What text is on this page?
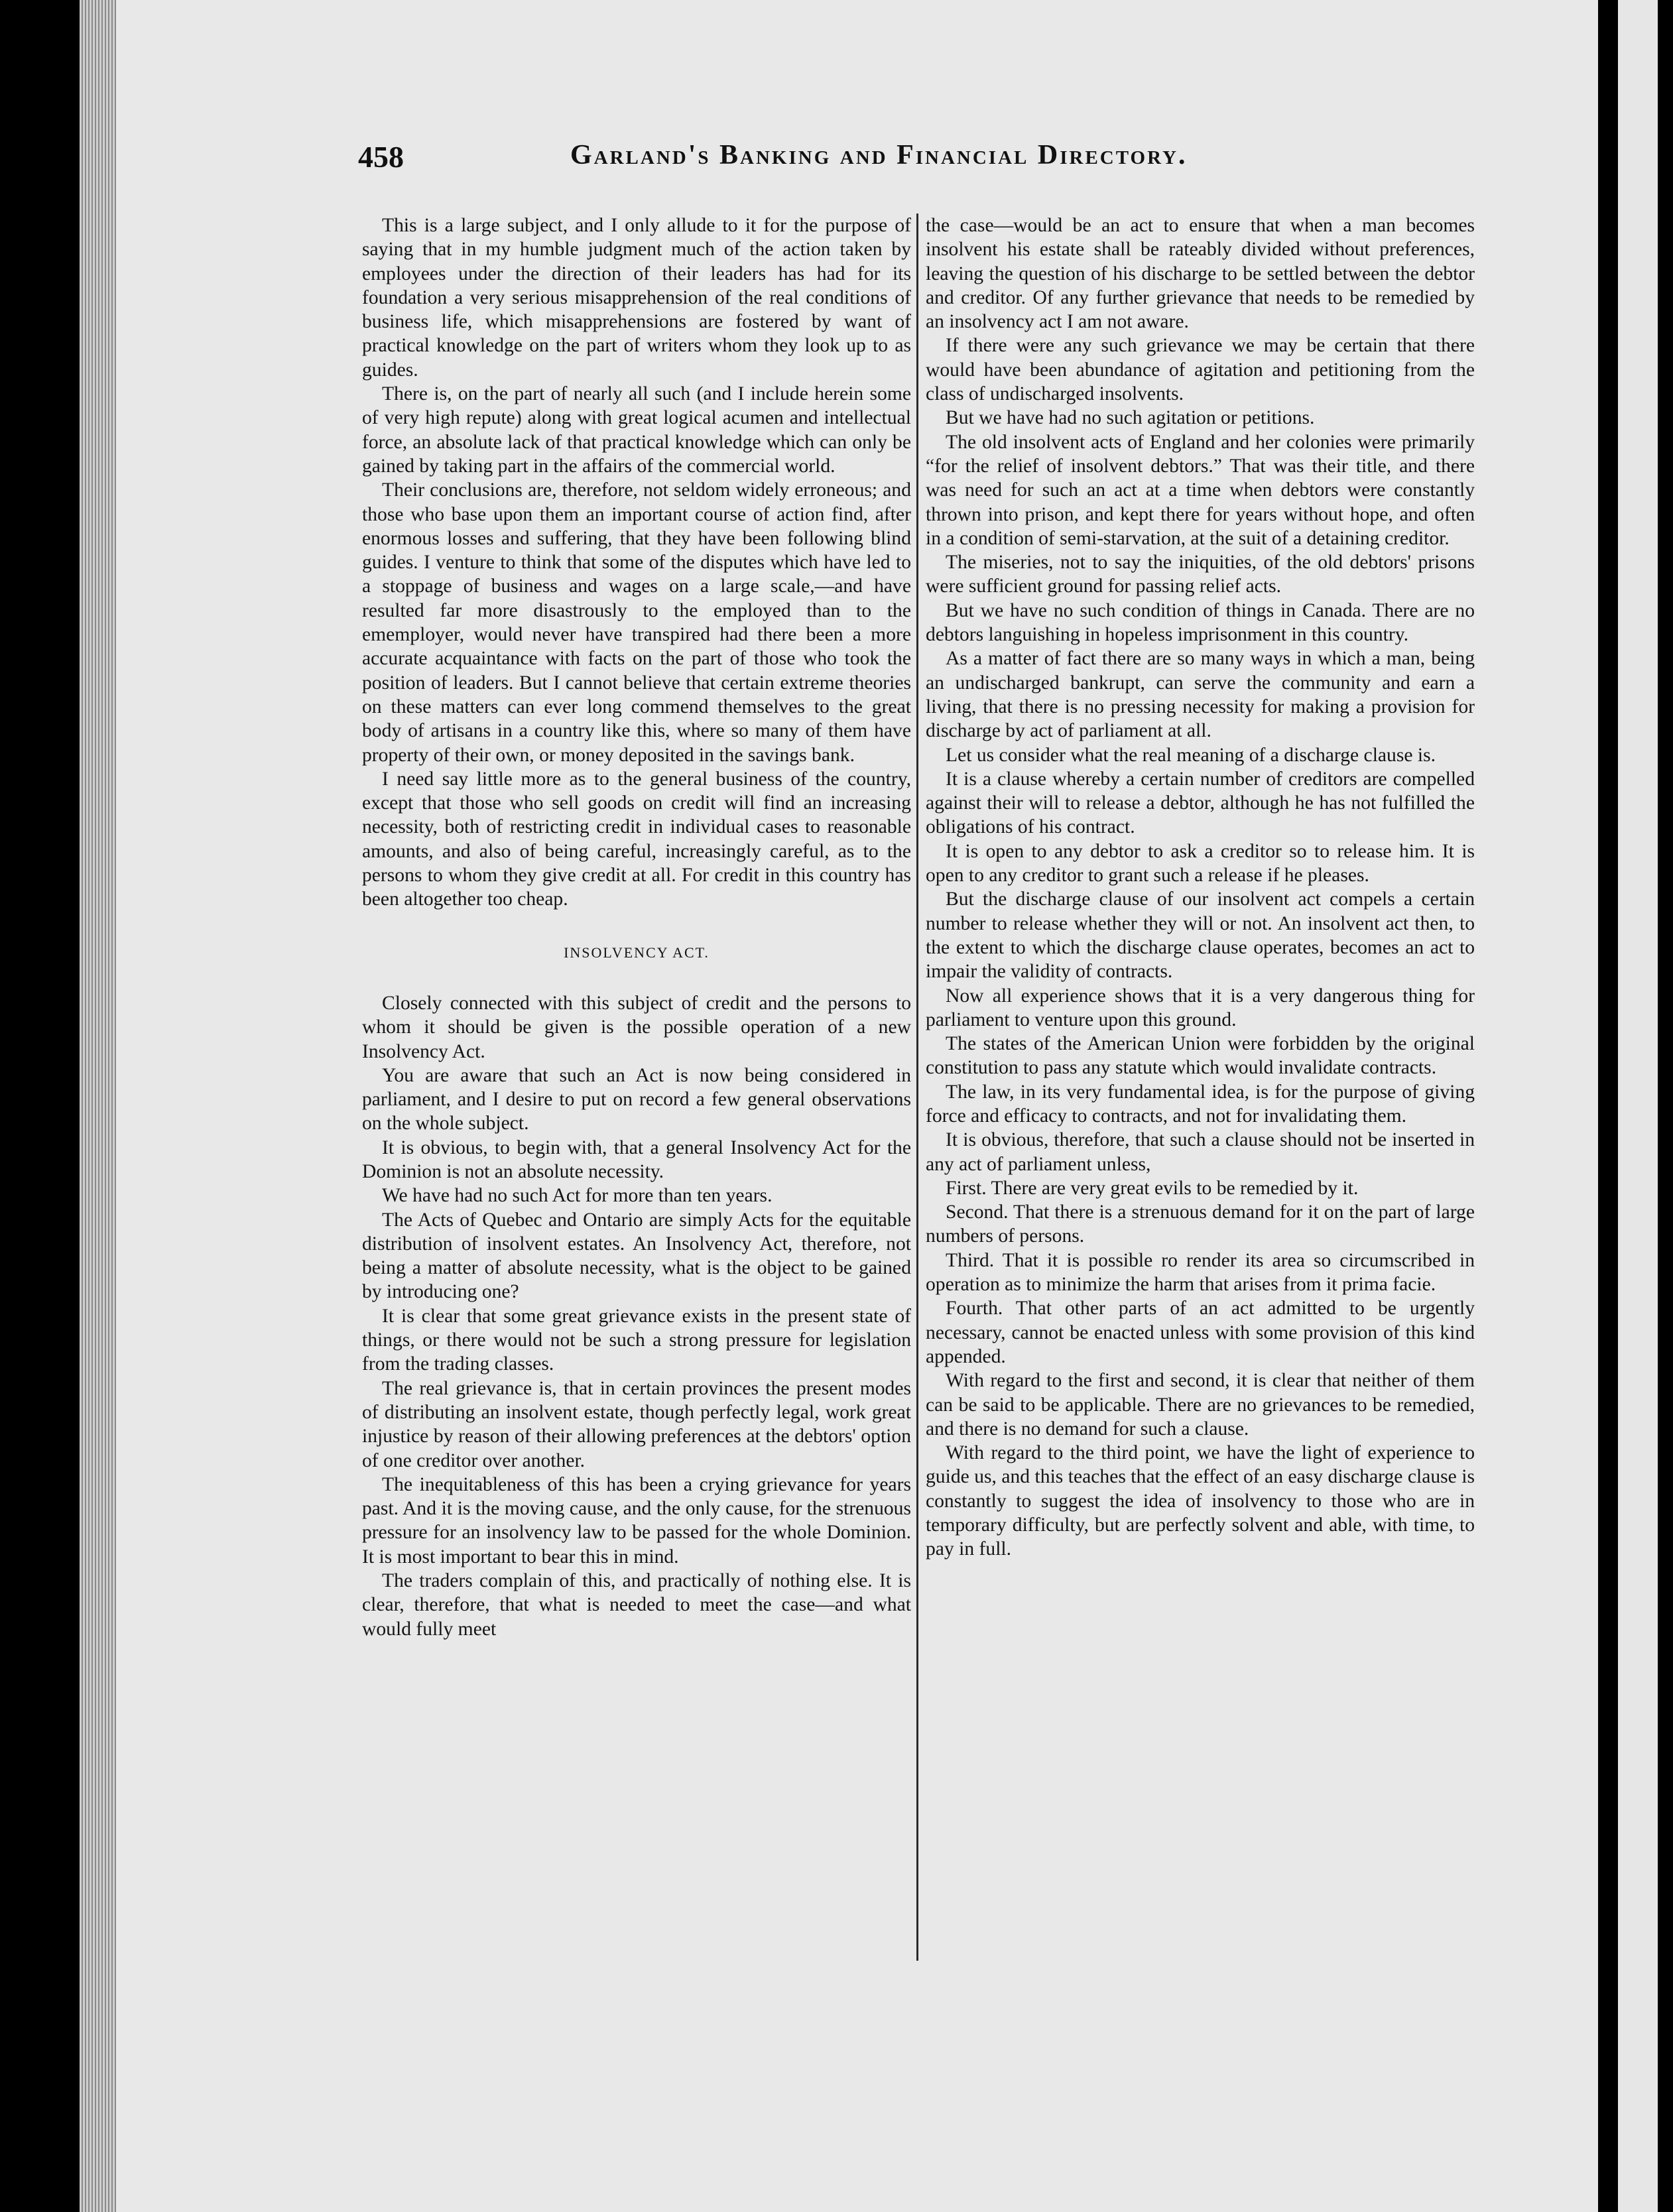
458	Garland's Banking and Financial Directory.

This is a large subject, and I only allude to it for the purpose of saying that in my humble judgment much of the action taken by employees under the direction of their leaders has had for its foundation a very serious misapprehension of the real conditions of business life, which misapprehensions are fostered by want of practical knowledge on the part of writers whom they look up to as guides.

There is, on the part of nearly all such (and I include herein some of very high repute) along with great logical acumen and intellectual force, an absolute lack of that practical knowledge which can only be gained by taking part in the affairs of the commercial world.

Their conclusions are, therefore, not seldom widely erroneous; and those who base upon them an important course of action find, after enormous losses and suffering, that they have been following blind guides. I venture to think that some of the disputes which have led to a stoppage of business and wages on a large scale,—and have resulted far more disastrously to the employed than to the ememployer, would never have transpired had there been a more accurate acquaintance with facts on the part of those who took the position of leaders. But I cannot believe that certain extreme theories on these matters can ever long commend themselves to the great body of artisans in a country like this, where so many of them have property of their own, or money deposited in the savings bank.

I need say little more as to the general business of the country, except that those who sell goods on credit will find an increasing necessity, both of restricting credit in individual cases to reasonable amounts, and also of being careful, increasingly careful, as to the persons to whom they give credit at all. For credit in this country has been altogether too cheap.

INSOLVENCY ACT.

Closely connected with this subject of credit and the persons to whom it should be given is the possible operation of a new Insolvency Act.

You are aware that such an Act is now being considered in parliament, and I desire to put on record a few general observations on the whole subject.

It is obvious, to begin with, that a general Insolvency Act for the Dominion is not an absolute necessity.

We have had no such Act for more than ten years.

The Acts of Quebec and Ontario are simply Acts for the equitable distribution of insolvent estates. An Insolvency Act, therefore, not being a matter of absolute necessity, what is the object to be gained by introducing one?

It is clear that some great grievance exists in the present state of things, or there would not be such a strong pressure for legislation from the trading classes.

The real grievance is, that in certain provinces the present modes of distributing an insolvent estate, though perfectly legal, work great injustice by reason of their allowing preferences at the debtors' option of one creditor over another.

The inequitableness of this has been a crying grievance for years past. And it is the moving cause, and the only cause, for the strenuous pressure for an insolvency law to be passed for the whole Dominion. It is most important to bear this in mind.

The traders complain of this, and practically of nothing else. It is clear, therefore, that what is needed to meet the case—and what would fully meet

the case—would be an act to ensure that when a man becomes insolvent his estate shall be rateably divided without preferences, leaving the question of his discharge to be settled between the debtor and creditor. Of any further grievance that needs to be remedied by an insolvency act I am not aware.

If there were any such grievance we may be certain that there would have been abundance of agitation and petitioning from the class of undischarged insolvents.

But we have had no such agitation or petitions.

The old insolvent acts of England and her colonies were primarily “for the relief of insolvent debtors.” That was their title, and there was need for such an act at a time when debtors were constantly thrown into prison, and kept there for years without hope, and often in a condition of semi-starvation, at the suit of a detaining creditor.

The miseries, not to say the iniquities, of the old debtors' prisons were sufficient ground for passing relief acts.

But we have no such condition of things in Canada. There are no debtors languishing in hopeless imprisonment in this country.

As a matter of fact there are so many ways in which a man, being an undischarged bankrupt, can serve the community and earn a living, that there is no pressing necessity for making a provision for discharge by act of parliament at all.

Let us consider what the real meaning of a discharge clause is.

It is a clause whereby a certain number of creditors are compelled against their will to release a debtor, although he has not fulfilled the obligations of his contract.

It is open to any debtor to ask a creditor so to release him. It is open to any creditor to grant such a release if he pleases.

But the discharge clause of our insolvent act compels a certain number to release whether they will or not. An insolvent act then, to the extent to which the discharge clause operates, becomes an act to impair the validity of contracts.

Now all experience shows that it is a very dangerous thing for parliament to venture upon this ground.

The states of the American Union were forbidden by the original constitution to pass any statute which would invalidate contracts.

The law, in its very fundamental idea, is for the purpose of giving force and efficacy to contracts, and not for invalidating them.

It is obvious, therefore, that such a clause should not be inserted in any act of parliament unless,

First. There are very great evils to be remedied by it.

Second. That there is a strenuous demand for it on the part of large numbers of persons.

Third. That it is possible ro render its area so circumscribed in operation as to minimize the harm that arises from it prima facie.

Fourth. That other parts of an act admitted to be urgently necessary, cannot be enacted unless with some provision of this kind appended.

With regard to the first and second, it is clear that neither of them can be said to be applicable. There are no grievances to be remedied, and there is no demand for such a clause.

With regard to the third point, we have the light of experience to guide us, and this teaches that the effect of an easy discharge clause is constantly to suggest the idea of insolvency to those who are in temporary difficulty, but are perfectly solvent and able, with time, to pay in full.
